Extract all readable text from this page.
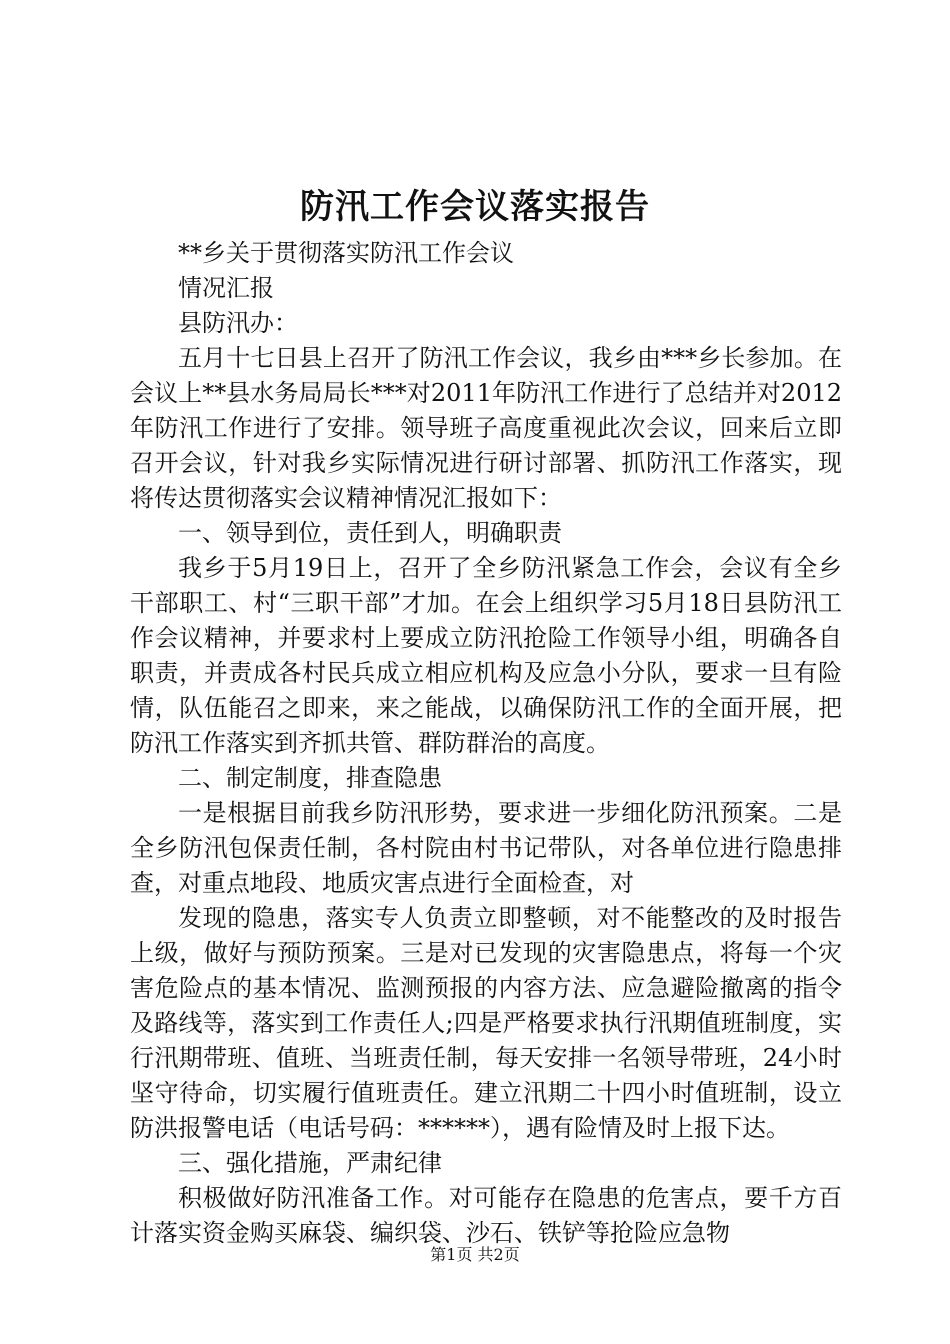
防汛工作会议落实报告

**乡关于贯彻落实防汛工作会议

情况汇报

县防汛办：

五月十七日县上召开了防汛工作会议，我乡由***乡长参加。在会议上**县水务局局长***对2011年防汛工作进行了总结并对2012年防汛工作进行了安排。领导班子高度重视此次会议，回来后立即召开会议，针对我乡实际情况进行研讨部署、抓防汛工作落实，现将传达贯彻落实会议精神情况汇报如下：

一、领导到位，责任到人，明确职责

我乡于5月19日上，召开了全乡防汛紧急工作会，会议有全乡干部职工、村“三职干部”才加。在会上组织学习5月18日县防汛工作会议精神，并要求村上要成立防汛抢险工作领导小组，明确各自职责，并责成各村民兵成立相应机构及应急小分队，要求一旦有险情，队伍能召之即来，来之能战，以确保防汛工作的全面开展，把防汛工作落实到齐抓共管、群防群治的高度。

二、制定制度，排查隐患

一是根据目前我乡防汛形势，要求进一步细化防汛预案。二是全乡防汛包保责任制，各村院由村书记带队，对各单位进行隐患排查，对重点地段、地质灾害点进行全面检查，对

发现的隐患，落实专人负责立即整顿，对不能整改的及时报告上级，做好与预防预案。三是对已发现的灾害隐患点，将每一个灾害危险点的基本情况、监测预报的内容方法、应急避险撤离的指令及路线等，落实到工作责任人;四是严格要求执行汛期值班制度，实行汛期带班、值班、当班责任制，每天安排一名领导带班，24小时坚守待命，切实履行值班责任。建立汛期二十四小时值班制，设立防洪报警电话（电话号码：******），遇有险情及时上报下达。

三、强化措施，严肃纪律

积极做好防汛准备工作。对可能存在隐患的危害点，要千方百计落实资金购买麻袋、编织袋、沙石、铁铲等抢险应急物

第1页 共2页
